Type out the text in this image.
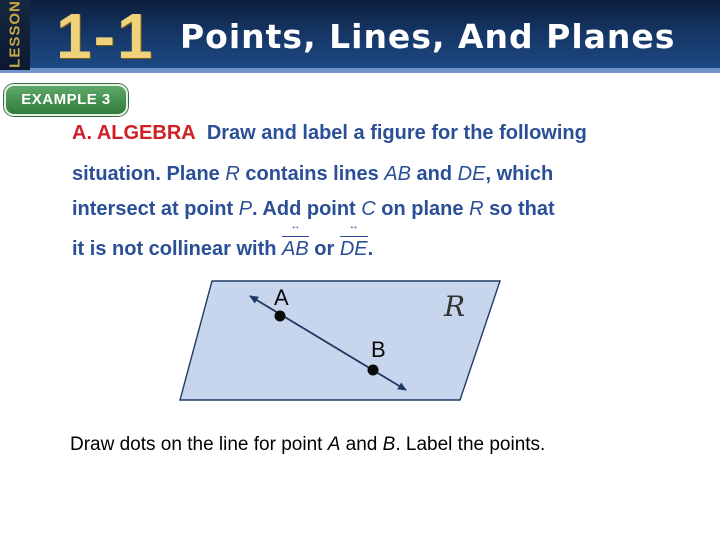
LESSON 1-1 Points, Lines, And Planes
EXAMPLE 3
A. ALGEBRA Draw and label a figure for the following
situation. Plane R contains lines AB and DE, which
intersect at point P. Add point C on plane R so that
it is not collinear with AB ↔ or DE ↔.
A
B
R
Draw dots on the line for point A and B. Label the points.
